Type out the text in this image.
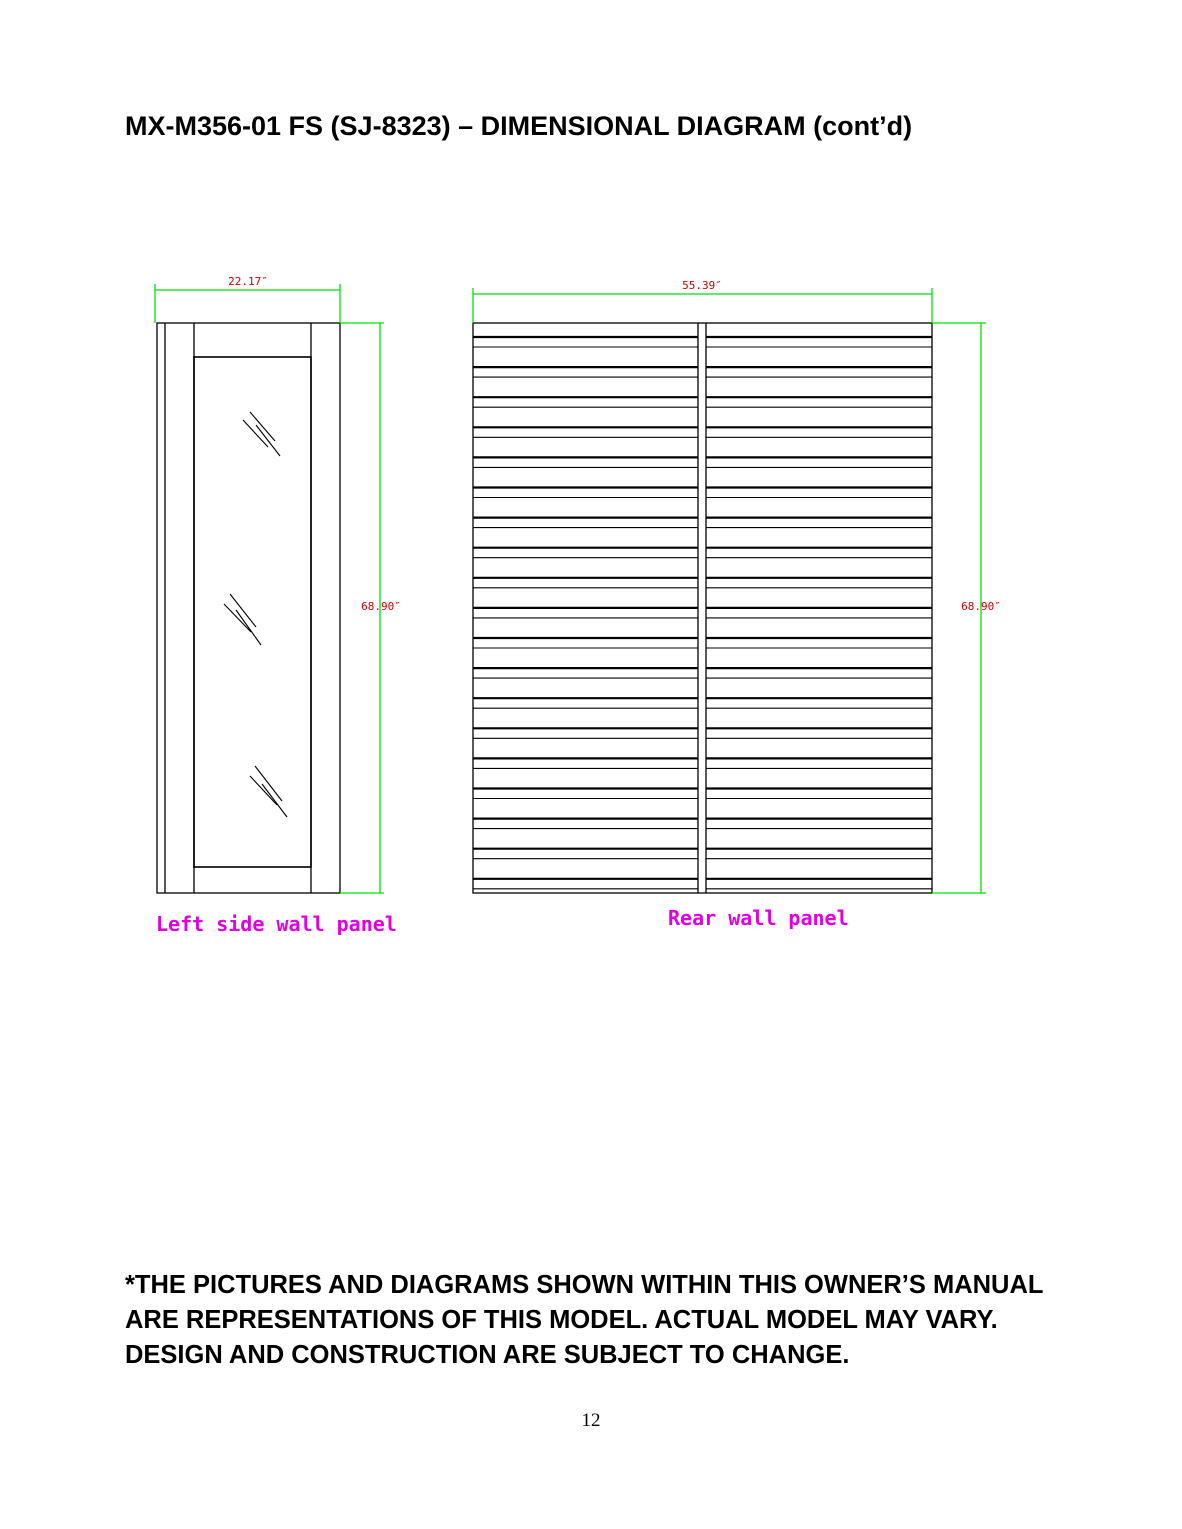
MX-M356-01 FS (SJ-8323) – DIMENSIONAL DIAGRAM (cont’d)
22.17″
68.90″
55.39″
68.90″
Left side wall panel	Rear wall panel
*THE PICTURES AND DIAGRAMS SHOWN WITHIN THIS OWNER’S MANUAL ARE REPRESENTATIONS OF THIS MODEL. ACTUAL MODEL MAY VARY. DESIGN AND CONSTRUCTION ARE SUBJECT TO CHANGE.
12
